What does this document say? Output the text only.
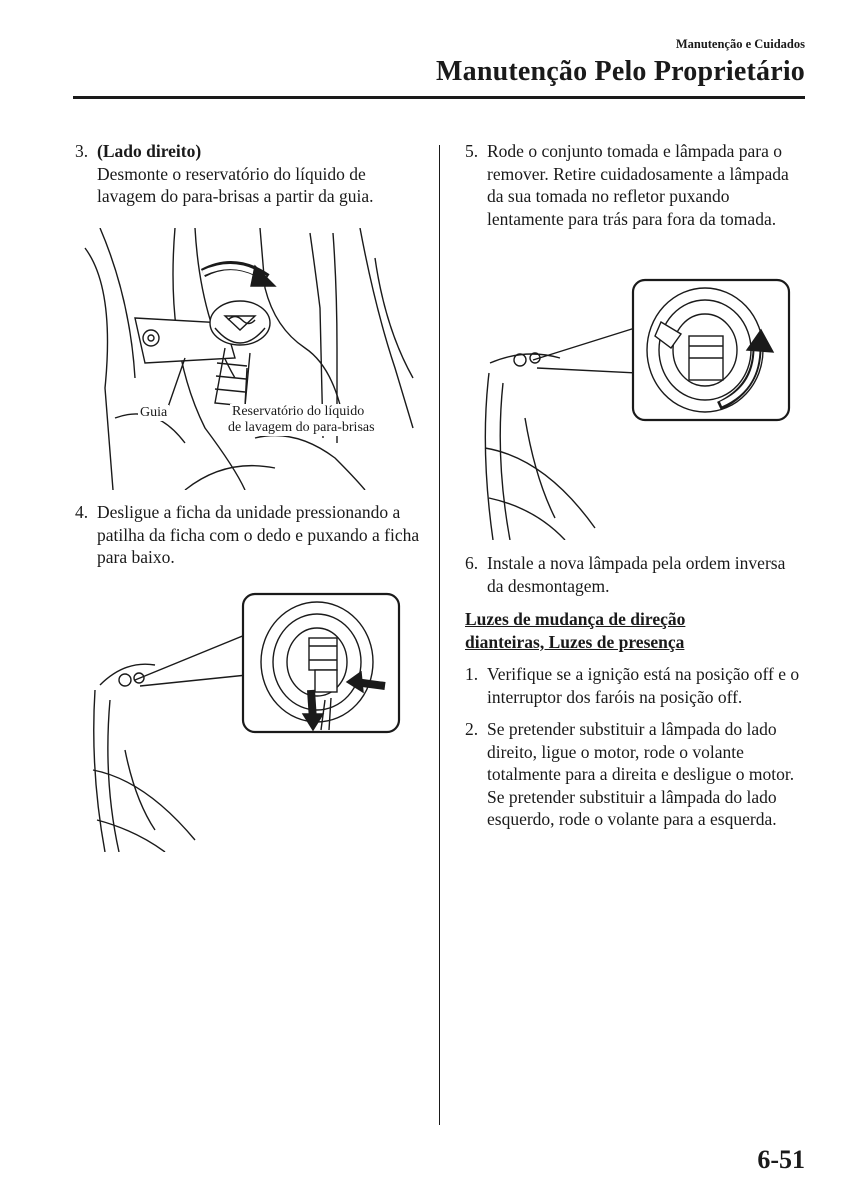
Manutenção e Cuidados
Manutenção Pelo Proprietário
3. (Lado direito)
Desmonte o reservatório do líquido de lavagem do para-brisas a partir da guia.
Guia	Reservatório do líquido
de lavagem do para-brisas
4. Desligue a ficha da unidade pressionando a patilha da ficha com o dedo e puxando a ficha para baixo.
5. Rode o conjunto tomada e lâmpada para o remover. Retire cuidadosamente a lâmpada da sua tomada no refletor puxando lentamente para trás para fora da tomada.
6. Instale a nova lâmpada pela ordem inversa da desmontagem.
Luzes de mudança de direção dianteiras, Luzes de presença
1. Verifique se a ignição está na posição off e o interruptor dos faróis na posição off.
2. Se pretender substituir a lâmpada do lado direito, ligue o motor, rode o volante totalmente para a direita e desligue o motor. Se pretender substituir a lâmpada do lado esquerdo, rode o volante para a esquerda.
6-51
